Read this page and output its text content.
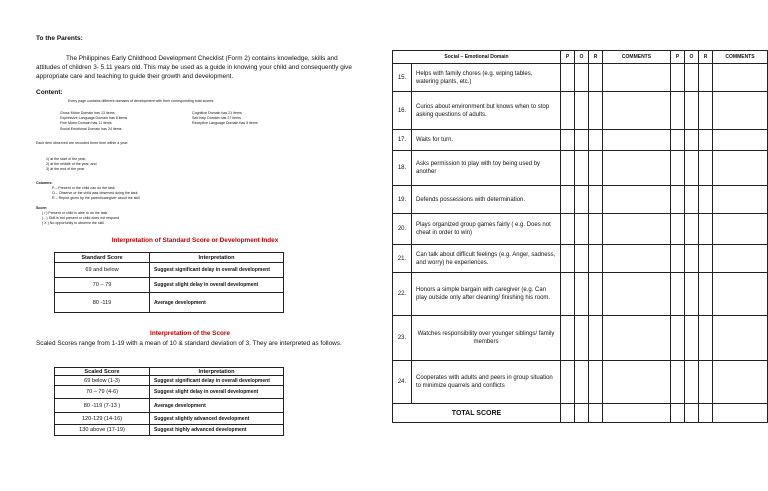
To the Parents:
The Philippines Early Childhood Development Checklist (Form 2) contains knowledge, skills and attitudes of children 3- 5.11 years old. This may be used as a guide in knowing your child and consequently give appropriate care and teaching to guide their growth and development.
Content:
Every page contains different domains of development with their corresponding total scores:
Gross Motor Domain has 13 items
Expressive Language Domain has 8 items
Fine Motor Domain has 11 items
Social Emotional Domain has 24 items
Cognitive Domain has 21 items
Self-help Domain has 27 items
Receptive Language Domain has 5 items
Each item observed are recorded three time within a year:
1) at the start of the year,
2) at the middle of the year, and
3) at the end of the year.
Columns:
P – Present or the child can do the task
O – Observe or the child was observed doing the task
R – Report given by the parent/caregiver about the skill
Score:
( / ) Present or child is able to do the task
( - ) Skill is not present or child does not respond
( X ) No opportunity to observe the skill
Interpretation of Standard Score or Development Index
Standard Score	Interpretation
69 and below	Suggest significant delay in overall development
70 – 79	Suggest slight delay in overall development
80 -119	Average development
Interpretation of the Score
Scaled Scores range from 1-19 with a mean of 10 & standard deviation of 3. They are interpreted as follows.
Scaled Score	Interpretation
69 below (1-3)	Suggest significant delay in overall development
70 – 79 (4-6)	Suggest slight delay in overall development
80 -119 (7-13 )	Average development
120-129 (14-16)	Suggest slightly advanced development
130 above (17-19)	Suggest highly advanced development
Social – Emotional Domain		P	O	R	COMMENTS	P	O	R	COMMENTS
15.	Helps with family chores (e.g. wiping tables, watering plants, etc.)								
16.	Curios about environment but knows when to stop asking questions of adults.								
17.	Waits for turn.								
18.	Asks permission to play with toy being used by another								
19.	Defends possessions with determination.								
20.	Plays organized group games fairly ( e.g. Does not cheat in order to win)								
21.	Can talk about difficult feelings (e.g. Anger, sadness, and worry) he experiences.								
22.	Honors a simple bargain with caregiver (e.g. Can play outside only after cleaning/ finishing his room.								
23.	Watches responsibility over younger siblings/ family members								
24.	Cooperates with adults and peers in group situation to minimize quarrels and conflicts								
TOTAL SCORE									
